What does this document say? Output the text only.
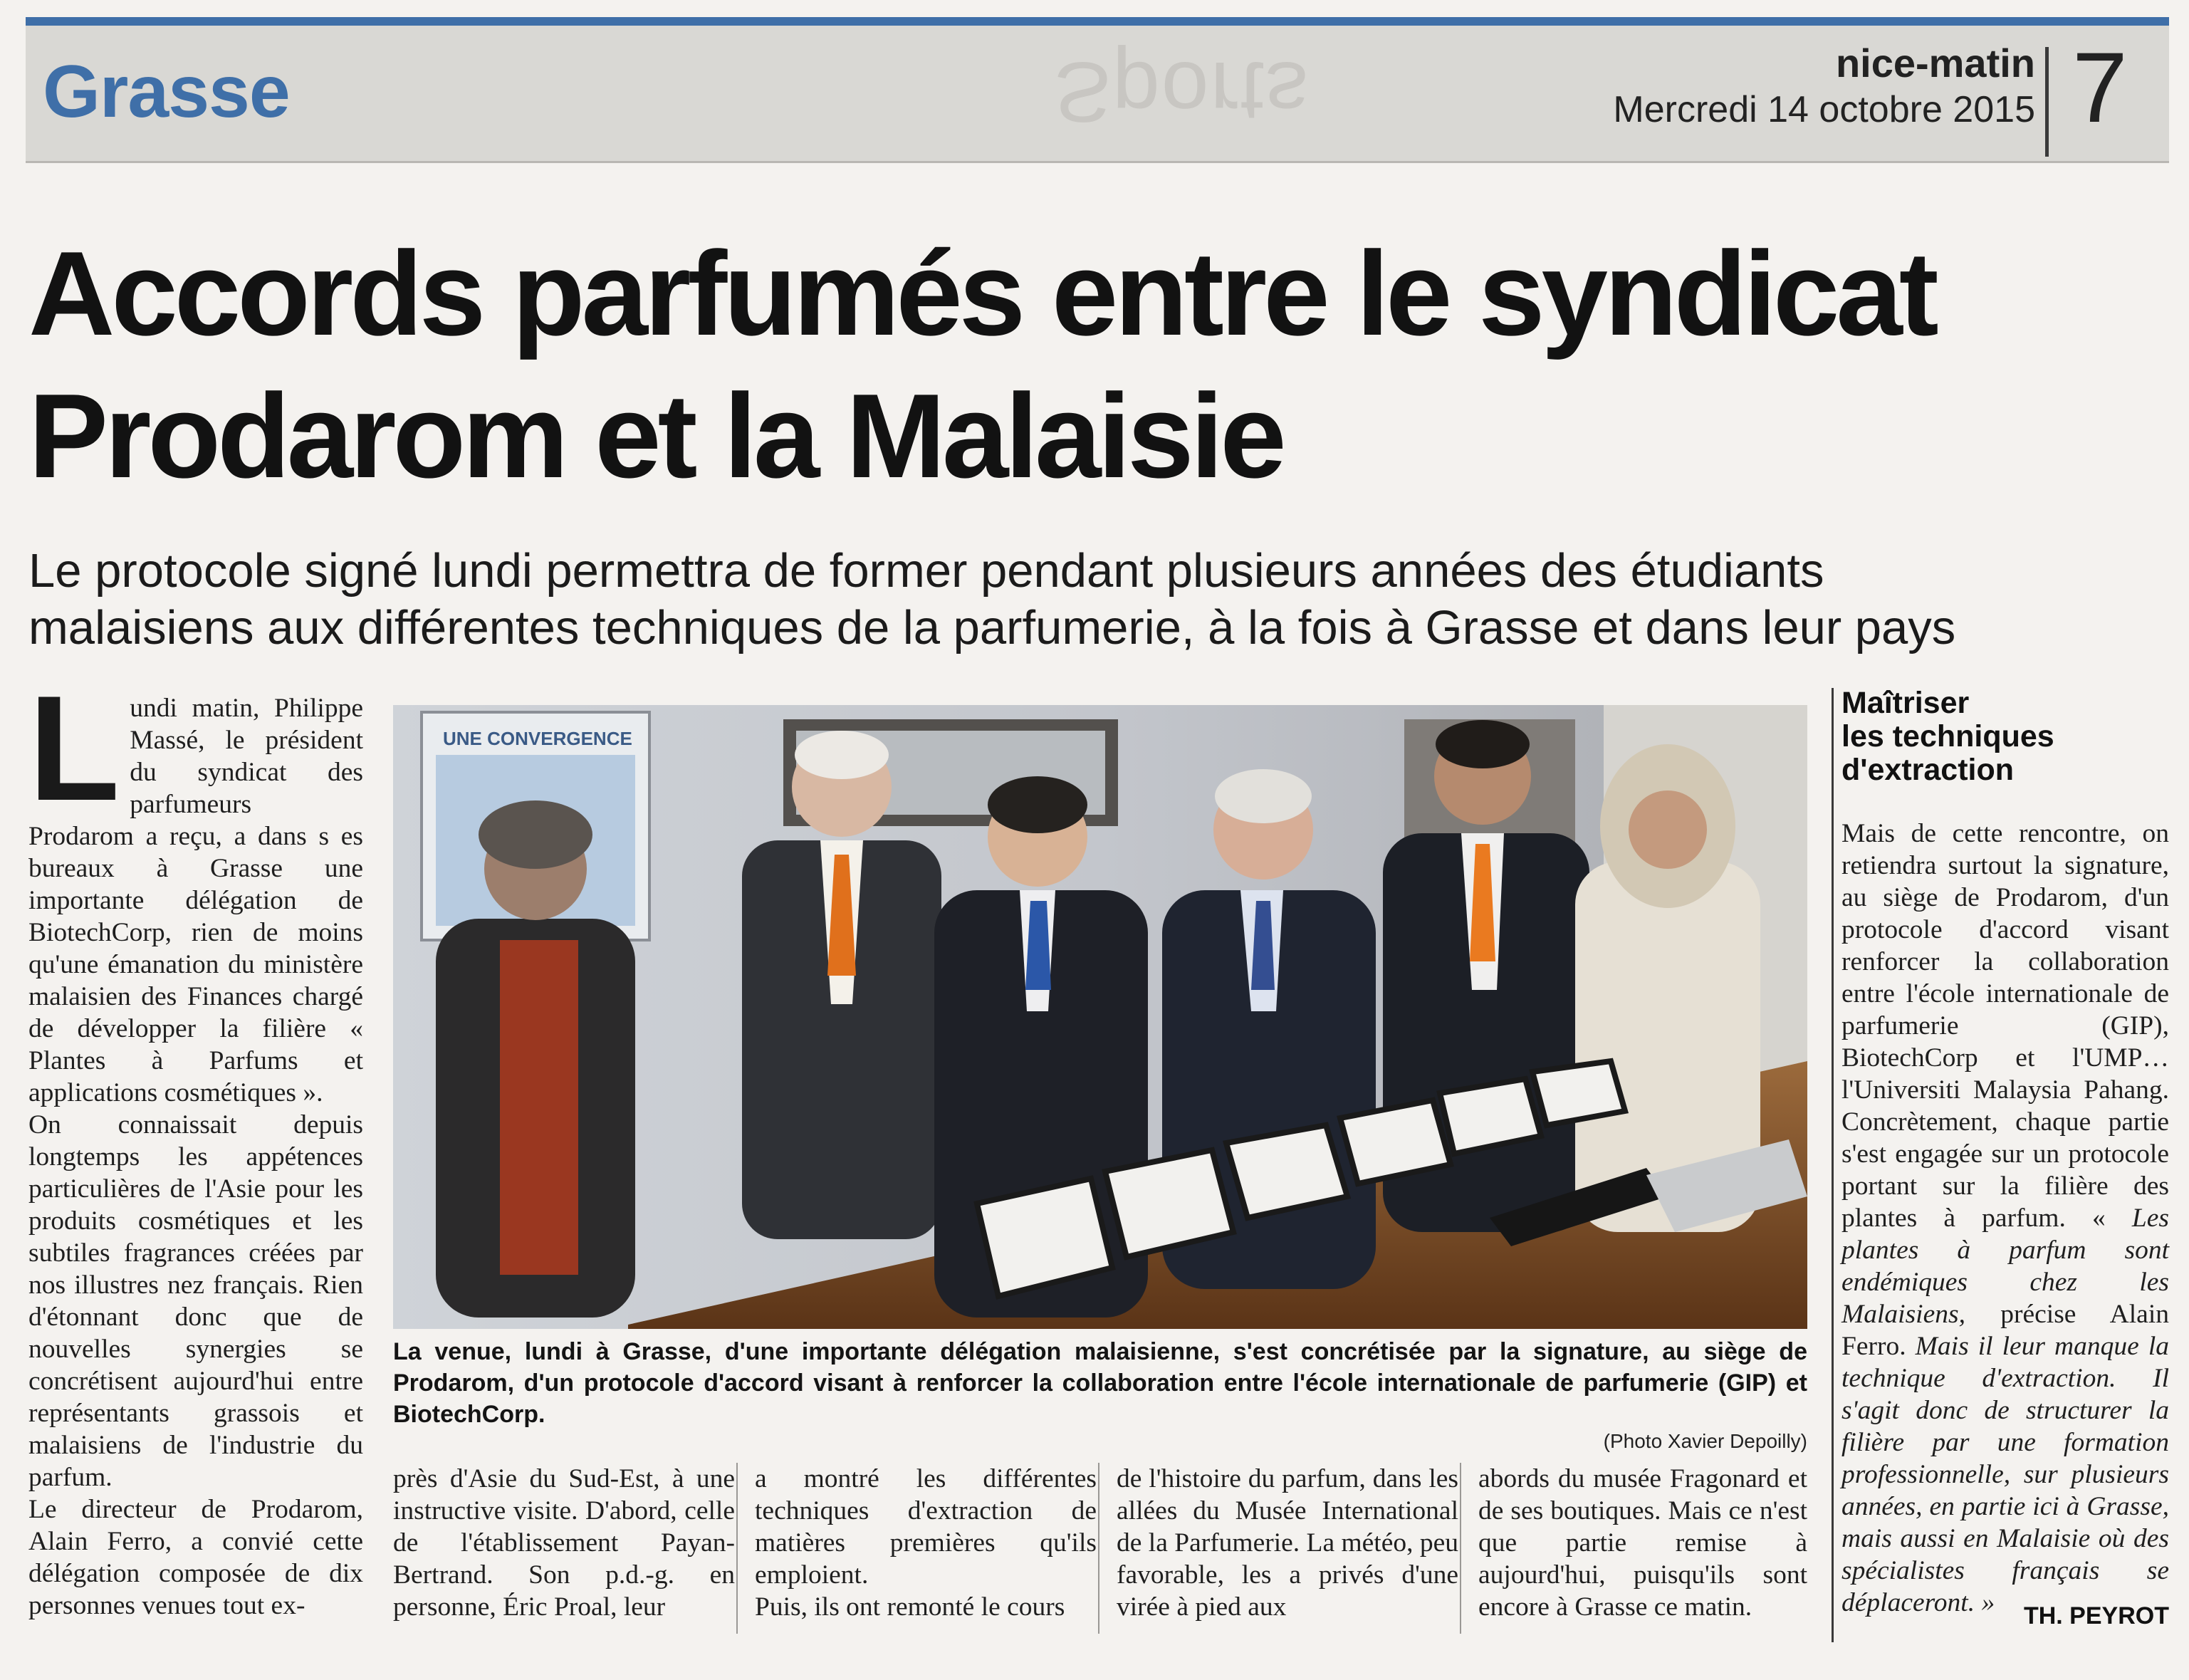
Sports
Grasse	nice-matin
Mercredi 14 octobre 2015 7
Accords parfumés entre le syndicat
Prodarom et la Malaisie
Le protocole signé lundi permettra de former pendant plusieurs années des étudiants
malaisiens aux différentes techniques de la parfumerie, à la fois à Grasse et dans leur pays
L undi matin, Philippe Massé, le président du syndicat des parfumeurs Prodarom a reçu, a dans s es bureaux à Grasse une importante délégation de BiotechCorp, rien de moins qu'une émanation du ministère malaisien des Finances chargé de développer la filière « Plantes à Parfums et applications cosmétiques ».

On connaissait depuis longtemps les appétences particulières de l'Asie pour les produits cosmétiques et les subtiles fragrances créées par nos illustres nez français. Rien d'étonnant donc que de nouvelles synergies se concrétisent aujourd'hui entre représentants grassois et malaisiens de l'industrie du parfum.

Le directeur de Prodarom, Alain Ferro, a convié cette délégation composée de dix personnes venues tout ex-

UNE CONVERGENCE
La venue, lundi à Grasse, d'une importante délégation malaisienne, s'est concrétisée par la signature, au siège de Prodarom, d'un protocole d'accord visant à renforcer la collaboration entre l'école internationale de parfumerie (GIP) et BiotechCorp.
(Photo Xavier Depoilly)

près d'Asie du Sud-Est, à une instructive visite. D'abord, celle de l'établissement Payan-Bertrand. Son p.d.-g. en personne, Éric Proal, leur

a montré les différentes techniques d'extraction de matières premières qu'ils emploient.

Puis, ils ont remonté le cours

de l'histoire du parfum, dans les allées du Musée International de la Parfumerie. La météo, peu favorable, les a privés d'une virée à pied aux

abords du musée Fragonard et de ses boutiques. Mais ce n'est que partie remise à aujourd'hui, puisqu'ils sont encore à Grasse ce matin.

Maîtriser
les techniques
d'extraction

Mais de cette rencontre, on retiendra surtout la signature, au siège de Prodarom, d'un protocole d'accord visant renforcer la collaboration entre l'école internationale de parfumerie (GIP), BiotechCorp et l'UMP… l'Universiti Malaysia Pahang. Concrètement, chaque partie s'est engagée sur un protocole portant sur la filière des plantes à parfum. « Les plantes à parfum sont endémiques chez les Malaisiens, précise Alain Ferro. Mais il leur manque la technique d'extraction. Il s'agit donc de structurer la filière par une formation professionnelle, sur plusieurs années, en partie ici à Grasse, mais aussi en Malaisie où des spécialistes français se déplaceront. »	TH. PEYROT
